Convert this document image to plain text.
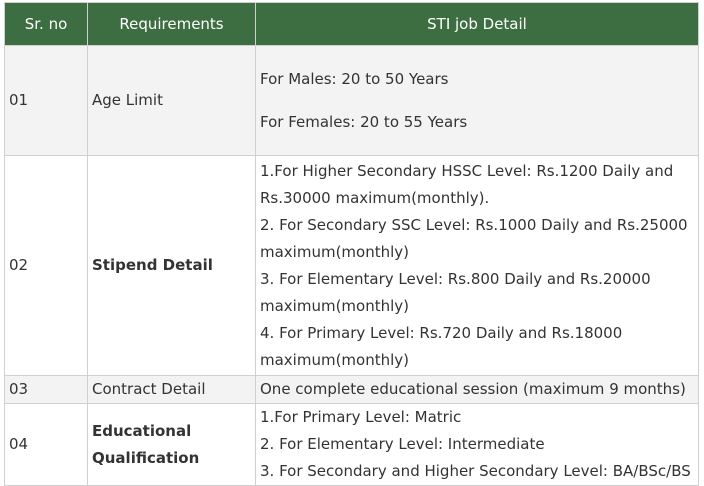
Sr. no	Requirements	STI job Detail
01	Age Limit	For Males: 20 to 50 Years

For Females: 20 to 55 Years

02	Stipend Detail	1.For Higher Secondary HSSC Level: Rs.1200 Daily and Rs.30000 maximum(monthly).

2. For Secondary SSC Level: Rs.1000 Daily and Rs.25000 maximum(monthly)

3. For Elementary Level: Rs.800 Daily and Rs.20000 maximum(monthly)

4. For Primary Level: Rs.720 Daily and Rs.18000 maximum(monthly)

03	Contract Detail	One complete educational session (maximum 9 months)
04	Educational Qualification	1.For Primary Level: Matric

2. For Elementary Level: Intermediate

3. For Secondary and Higher Secondary Level: BA/BSc/BS
